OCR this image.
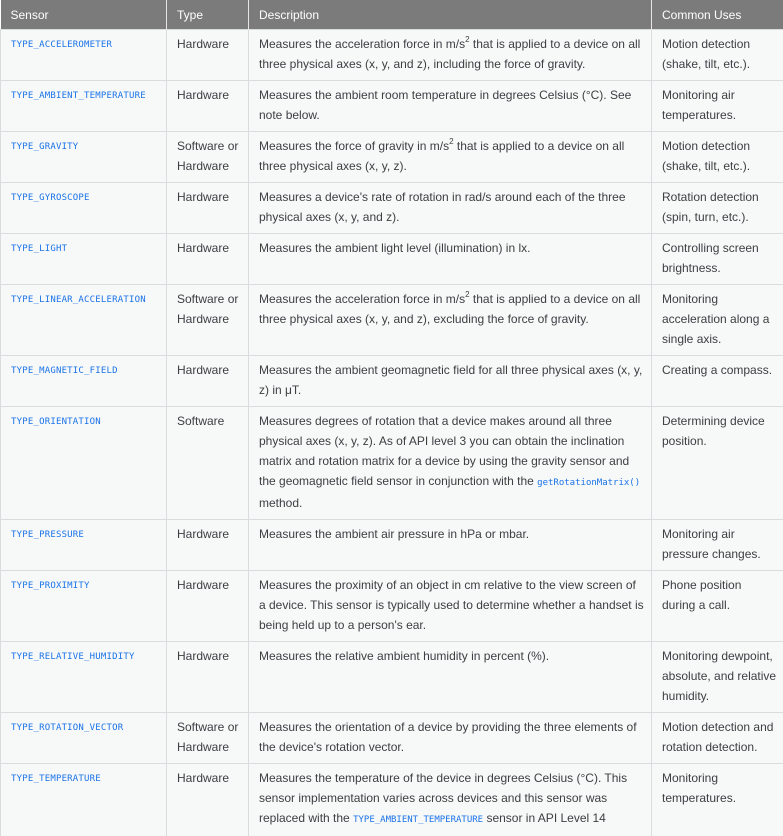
Sensor	Type	Description	Common Uses
TYPE_ACCELEROMETER	Hardware	Measures the acceleration force in $m/s^2$ that is applied to a device on all three physical axes (x, y, and z), including the force of gravity.	Motion detection (shake, tilt, etc.).
TYPE_AMBIENT_TEMPERATURE	Hardware	Measures the ambient room temperature in degrees Celsius (°C). See note below.	Monitoring air temperatures.
TYPE_GRAVITY	Software or Hardware	Measures the force of gravity in $m/s^2$ that is applied to a device on all three physical axes (x, y, z).	Motion detection (shake, tilt, etc.).
TYPE_GYROSCOPE	Hardware	Measures a device's rate of rotation in rad/s around each of the three physical axes (x, y, and z).	Rotation detection (spin, turn, etc.).
TYPE_LIGHT	Hardware	Measures the ambient light level (illumination) in lx.	Controlling screen brightness.
TYPE_LINEAR_ACCELERATION	Software or Hardware	Measures the acceleration force in $m/s^2$ that is applied to a device on all three physical axes (x, y, and z), excluding the force of gravity.	Monitoring acceleration along a single axis.
TYPE_MAGNETIC_FIELD	Hardware	Measures the ambient geomagnetic field for all three physical axes (x, y, z) in μT.	Creating a compass.
TYPE_ORIENTATION	Software	Measures degrees of rotation that a device makes around all three physical axes (x, y, z). As of API level 3 you can obtain the inclination matrix and rotation matrix for a device by using the gravity sensor and the geomagnetic field sensor in conjunction with the getRotationMatrix() method.	Determining device position.
TYPE_PRESSURE	Hardware	Measures the ambient air pressure in hPa or mbar.	Monitoring air pressure changes.
TYPE_PROXIMITY	Hardware	Measures the proximity of an object in cm relative to the view screen of a device. This sensor is typically used to determine whether a handset is being held up to a person's ear.	Phone position during a call.
TYPE_RELATIVE_HUMIDITY	Hardware	Measures the relative ambient humidity in percent (%).	Monitoring dewpoint, absolute, and relative humidity.
TYPE_ROTATION_VECTOR	Software or Hardware	Measures the orientation of a device by providing the three elements of the device's rotation vector.	Motion detection and rotation detection.
TYPE_TEMPERATURE	Hardware	Measures the temperature of the device in degrees Celsius (°C). This sensor implementation varies across devices and this sensor was replaced with the TYPE_AMBIENT_TEMPERATURE sensor in API Level 14	Monitoring temperatures.
